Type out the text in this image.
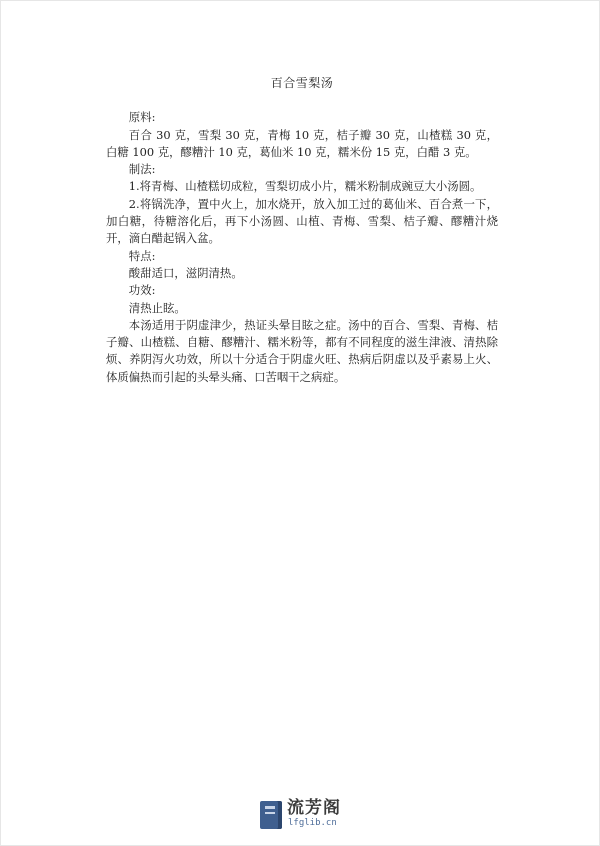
百合雪梨汤

原料:

百合 30 克，雪梨 30 克，青梅 10 克，桔子瓣 30 克，山楂糕 30 克，白糖 100 克，醪糟汁 10 克，葛仙米 10 克，糯米份 15 克，白醋 3 克。

制法:

1.将青梅、山楂糕切成粒，雪梨切成小片，糯米粉制成豌豆大小汤圆。

2.将锅洗净，置中火上，加水烧开，放入加工过的葛仙米、百合煮一下，加白糖，待糖溶化后，再下小汤圆、山植、青梅、雪梨、桔子瓣、醪糟汁烧开，滴白醋起锅入盆。

特点:

酸甜适口，滋阴清热。

功效:

清热止眩。

本汤适用于阴虚津少，热证头晕目眩之症。汤中的百合、雪梨、青梅、桔子瓣、山楂糕、自糖、醪糟汁、糯米粉等，都有不同程度的滋生津液、清热除烦、养阴泻火功效，所以十分适合于阴虚火旺、热病后阴虚以及乎素易上火、体质偏热而引起的头晕头痛、口苦咽干之病症。

流芳阁
lfglib.cn
